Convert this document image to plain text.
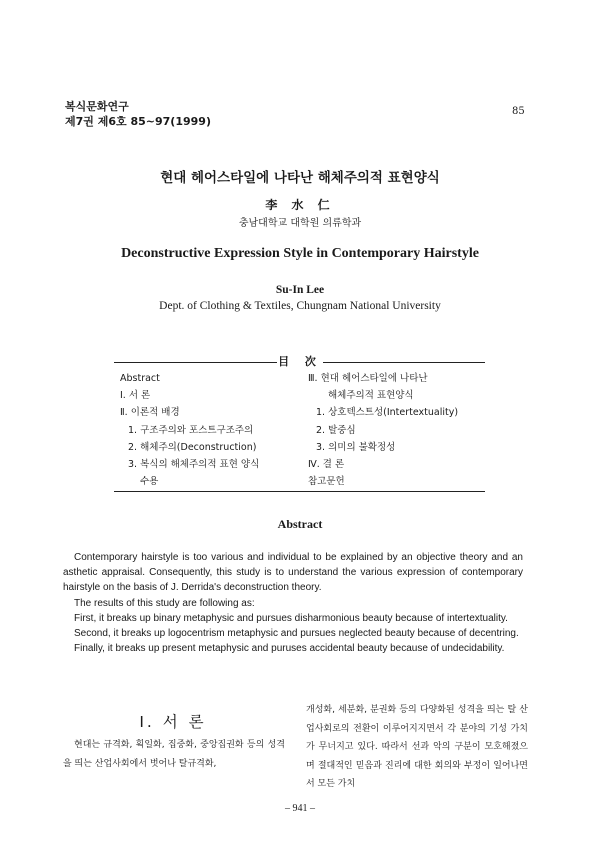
복식문화연구
제7권 제6호 85~97(1999)
85
현대 헤어스타일에 나타난 해체주의적 표현양식
李 水 仁
충남대학교 대학원 의류학과
Deconstructive Expression Style in Contemporary Hairstyle
Su-In Lee
Dept. of Clothing & Textiles, Chungnam National University
目 次
Abstract
Ⅰ. 서 론
Ⅱ. 이론적 배경
1. 구조주의와 포스트구조주의
2. 해체주의(Deconstruction)
3. 복식의 해체주의적 표현 양식
수용
Ⅲ. 현대 헤어스타일에 나타난
해체주의적 표현양식
1. 상호텍스트성(Intertextuality)
2. 탈중심
3. 의미의 불확정성
Ⅳ. 결 론
참고문헌
Abstract

Contemporary hairstyle is too various and individual to be explained by an objective theory and an asthetic appraisal. Consequently, this study is to understand the various expression of contemporary hairstyle on the basis of J. Derrida's deconstruction theory.

The results of this study are following as:

First, it breaks up binary metaphysic and pursues disharmonious beauty because of intertextuality.

Second, it breaks up logocentrism metaphysic and pursues neglected beauty because of decentring.

Finally, it breaks up present metaphysic and puruses accidental beauty because of undecidability.

Ⅰ. 서 론

현대는 규격화, 획일화, 집중화, 중앙집권화 등의 성격을 띄는 산업사회에서 벗어나 탈규격화,

개성화, 세분화, 분권화 등의 다양화된 성격을 띄는 탈 산업사회로의 전환이 이루어지지면서 각 분야의 기성 가치가 무너지고 있다. 따라서 선과 악의 구분이 모호해졌으며 절대적인 믿음과 진리에 대한 회의와 부정이 일어나면서 모든 가치

– 941 –
